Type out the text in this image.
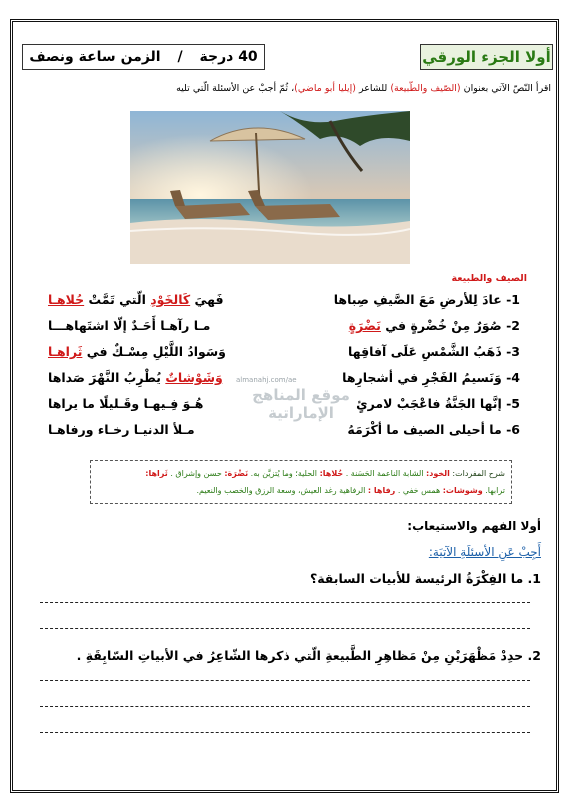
أولا الجزء الورقي
40 درجة / الزمن ساعة ونصف
اقرأ النّصّ الآتي بعنوان (الصّيف والطّبيعة) للشاعر (إيليا أبو ماضي)، ثُمّ أجبْ عن الأسئلة الّتي تليه
الصيف والطبيعة
1- عادَ لِلأرضِ مَعَ الصَّيفِ صِباها
فَهيَ كَالخَوْدِ الّتي تَمَّتْ حُلاهـا
2- صُوَرٌ مِنْ خُضْرةٍ في نَضْرَةٍ
مـا رآهـا أَحَـدٌ إلّا اشتَهاهـــا
3- ذَهَبُ الشَّمْسِ عَلَى آفاقِها
وَسَوادُ اللَّيْلِ مِسْـكٌ في ثَراهـا
4- وَنَسيمُ الفَجْرِ في أشجارِها
وَشَوْشاتٌ يُطْرِبُ النَّهْرَ صَداها
5- إنَّها الجَنَّةُ فاعْجَبْ لامرئٍ
هُـوَ فِـيهـا وقَـليلًا ما يراها
6- ما أحيلى الصيف ما أكْرَمَهُ
مـلأ الدنيـا رخـاء ورفاهـا
almanahj.com/ae
موقع المناهج الإماراتية
شرح المفردات: الخود: الشابة الناعمة الحَسَنة . حُلاها: الحلية؛ وما يُتزيَّن به. نَضْرَة: حسن وإشراق . ثَراها:
ترابها. وشوشات: همس خفي . رفاها : الرفاهية رغد العيش، وسعة الرزق والخصب والنعيم.
أولا الفهم والاستيعاب:
أَجِبْ عَنِ الأسئلَةِ الآتيَة:
1. ما الفِكْرَةُ الرئيسة للأبيات السابقة؟
2. حدِدْ مَظْهَرَيْنِ مِنْ مَظاهِرِ الطَّبيعةِ الّتي ذكرها الشّاعِرُ في الأبياتِ السّابِقَةِ .
